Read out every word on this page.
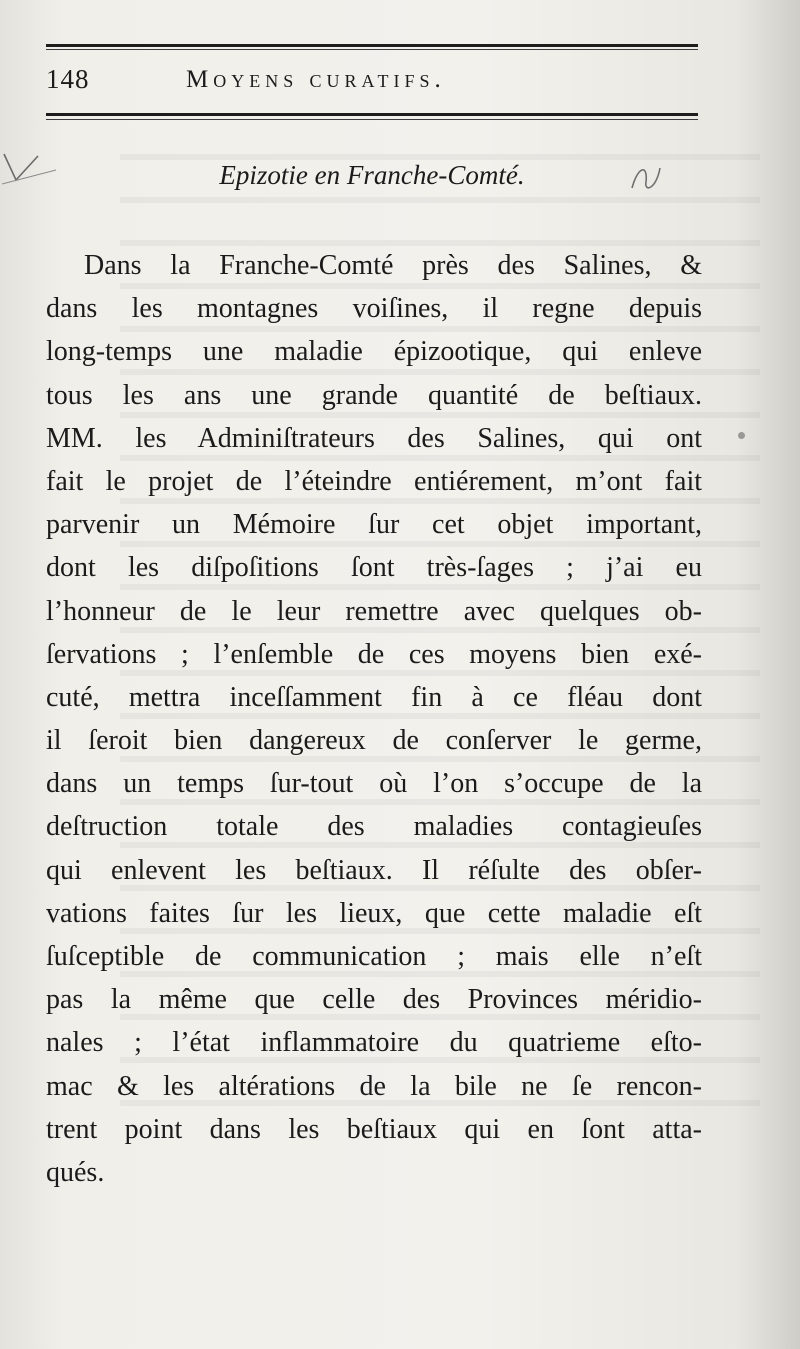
148	Moyens curatifs.
Epizotie en Franche-Comté.
Dans la Franche-Comté près des Salines, &
dans les montagnes voiſines, il regne depuis
long-temps une maladie épizootique, qui enleve
tous les ans une grande quantité de beſtiaux.
MM. les Adminiſtrateurs des Salines, qui ont
fait le projet de l’éteindre entiérement, m’ont fait
parvenir un Mémoire ſur cet objet important,
dont les diſpoſitions ſont très-ſages ; j’ai eu
l’honneur de le leur remettre avec quelques ob-
ſervations ; l’enſemble de ces moyens bien exé-
cuté, mettra inceſſamment fin à ce fléau dont
il ſeroit bien dangereux de conſerver le germe,
dans un temps ſur-tout où l’on s’occupe de la
deſtruction totale des maladies contagieuſes
qui enlevent les beſtiaux. Il réſulte des obſer-
vations faites ſur les lieux, que cette maladie eſt
ſuſceptible de communication ; mais elle n’eſt
pas la même que celle des Provinces méridio-
nales ; l’état inflammatoire du quatrieme eſto-
mac & les altérations de la bile ne ſe rencon-
trent point dans les beſtiaux qui en ſont atta-
qués.
